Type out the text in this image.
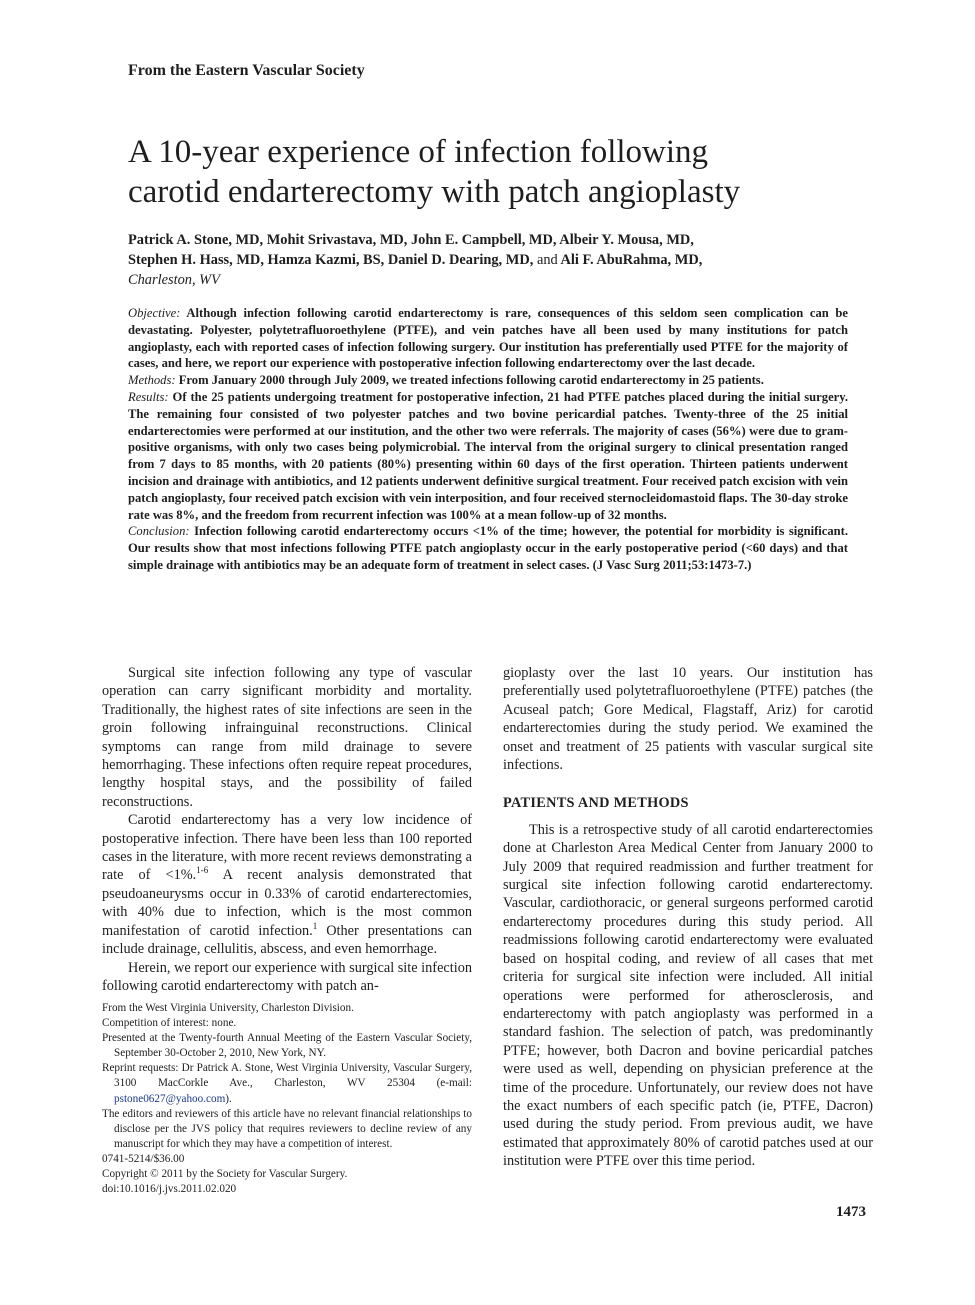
From the Eastern Vascular Society
A 10-year experience of infection following
carotid endarterectomy with patch angioplasty
Patrick A. Stone, MD, Mohit Srivastava, MD, John E. Campbell, MD, Albeir Y. Mousa, MD,
Stephen H. Hass, MD, Hamza Kazmi, BS, Daniel D. Dearing, MD, and Ali F. AbuRahma, MD,
Charleston, WV

Objective: Although infection following carotid endarterectomy is rare, consequences of this seldom seen complication can be devastating. Polyester, polytetrafluoroethylene (PTFE), and vein patches have all been used by many institutions for patch angioplasty, each with reported cases of infection following surgery. Our institution has preferentially used PTFE for the majority of cases, and here, we report our experience with postoperative infection following endarterectomy over the last decade.

Methods: From January 2000 through July 2009, we treated infections following carotid endarterectomy in 25 patients.

Results: Of the 25 patients undergoing treatment for postoperative infection, 21 had PTFE patches placed during the initial surgery. The remaining four consisted of two polyester patches and two bovine pericardial patches. Twenty-three of the 25 initial endarterectomies were performed at our institution, and the other two were referrals. The majority of cases (56%) were due to gram-positive organisms, with only two cases being polymicrobial. The interval from the original surgery to clinical presentation ranged from 7 days to 85 months, with 20 patients (80%) presenting within 60 days of the first operation. Thirteen patients underwent incision and drainage with antibiotics, and 12 patients underwent definitive surgical treatment. Four received patch excision with vein patch angioplasty, four received patch excision with vein interposition, and four received sternocleidomastoid flaps. The 30-day stroke rate was 8%, and the freedom from recurrent infection was 100% at a mean follow-up of 32 months.

Conclusion: Infection following carotid endarterectomy occurs <1% of the time; however, the potential for morbidity is significant. Our results show that most infections following PTFE patch angioplasty occur in the early postoperative period (<60 days) and that simple drainage with antibiotics may be an adequate form of treatment in select cases. (J Vasc Surg 2011;53:1473-7.)

Surgical site infection following any type of vascular operation can carry significant morbidity and mortality. Traditionally, the highest rates of site infections are seen in the groin following infrainguinal reconstructions. Clinical symptoms can range from mild drainage to severe hemorrhaging. These infections often require repeat procedures, lengthy hospital stays, and the possibility of failed reconstructions.

Carotid endarterectomy has a very low incidence of postoperative infection. There have been less than 100 reported cases in the literature, with more recent reviews demonstrating a rate of <1%.$^{1-6}$ A recent analysis demonstrated that pseudoaneurysms occur in 0.33% of carotid endarterectomies, with 40% due to infection, which is the most common manifestation of carotid infection.$^1$ Other presentations can include drainage, cellulitis, abscess, and even hemorrhage.

Herein, we report our experience with surgical site infection following carotid endarterectomy with patch an-

gioplasty over the last 10 years. Our institution has preferentially used polytetrafluoroethylene (PTFE) patches (the Acuseal patch; Gore Medical, Flagstaff, Ariz) for carotid endarterectomies during the study period. We examined the onset and treatment of 25 patients with vascular surgical site infections.

PATIENTS AND METHODS

This is a retrospective study of all carotid endarterectomies done at Charleston Area Medical Center from January 2000 to July 2009 that required readmission and further treatment for surgical site infection following carotid endarterectomy. Vascular, cardiothoracic, or general surgeons performed carotid endarterectomy procedures during this study period. All readmissions following carotid endarterectomy were evaluated based on hospital coding, and review of all cases that met criteria for surgical site infection were included. All initial operations were performed for atherosclerosis, and endarterectomy with patch angioplasty was performed in a standard fashion. The selection of patch, was predominantly PTFE; however, both Dacron and bovine pericardial patches were used as well, depending on physician preference at the time of the procedure. Unfortunately, our review does not have the exact numbers of each specific patch (ie, PTFE, Dacron) used during the study period. From previous audit, we have estimated that approximately 80% of carotid patches used at our institution were PTFE over this time period.

From the West Virginia University, Charleston Division.

Competition of interest: none.

Presented at the Twenty-fourth Annual Meeting of the Eastern Vascular Society, September 30-October 2, 2010, New York, NY.

Reprint requests: Dr Patrick A. Stone, West Virginia University, Vascular Surgery, 3100 MacCorkle Ave., Charleston, WV 25304 (e-mail: pstone0627@yahoo.com).

The editors and reviewers of this article have no relevant financial relationships to disclose per the JVS policy that requires reviewers to decline review of any manuscript for which they may have a competition of interest.

0741-5214/$36.00

Copyright © 2011 by the Society for Vascular Surgery.

doi:10.1016/j.jvs.2011.02.020

1473
